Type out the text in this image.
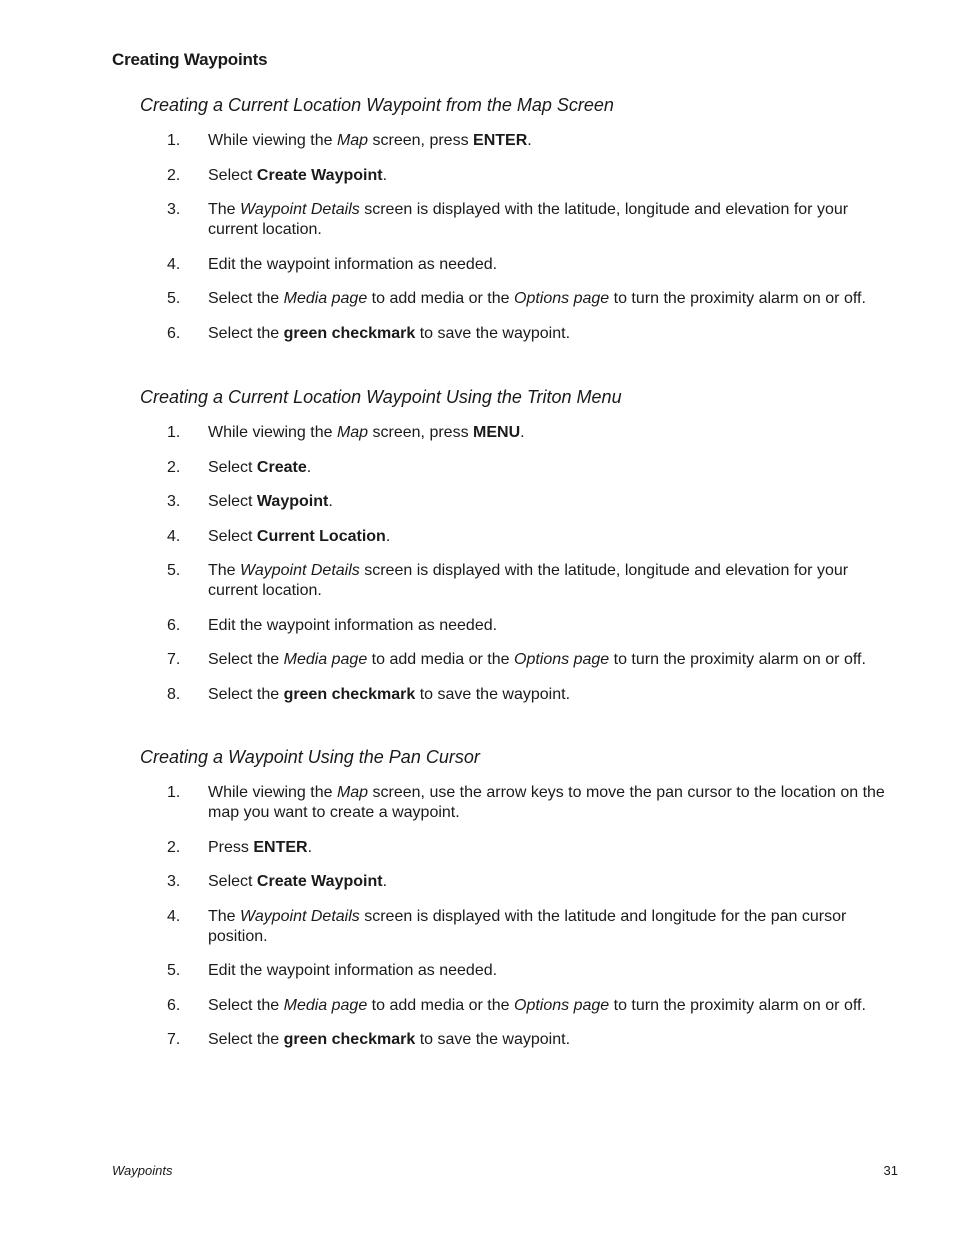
Creating Waypoints
Creating a Current Location Waypoint from the Map Screen
1.	While viewing the Map screen, press ENTER.
2.	Select Create Waypoint.
3.	The Waypoint Details screen is displayed with the latitude, longitude and elevation for your current location.
4.	Edit the waypoint information as needed.
5.	Select the Media page to add media or the Options page to turn the proximity alarm on or off.
6.	Select the green checkmark to save the waypoint.
Creating a Current Location Waypoint Using the Triton Menu
1.	While viewing the Map screen, press MENU.
2.	Select Create.
3.	Select Waypoint.
4.	Select Current Location.
5.	The Waypoint Details screen is displayed with the latitude, longitude and elevation for your current location.
6.	Edit the waypoint information as needed.
7.	Select the Media page to add media or the Options page to turn the proximity alarm on or off.
8.	Select the green checkmark to save the waypoint.
Creating a Waypoint Using the Pan Cursor
1.	While viewing the Map screen, use the arrow keys to move the pan cursor to the location on the map you want to create a waypoint.
2.	Press ENTER.
3.	Select Create Waypoint.
4.	The Waypoint Details screen is displayed with the latitude and longitude for the pan cursor position.
5.	Edit the waypoint information as needed.
6.	Select the Media page to add media or the Options page to turn the proximity alarm on or off.
7.	Select the green checkmark to save the waypoint.
Waypoints	31
